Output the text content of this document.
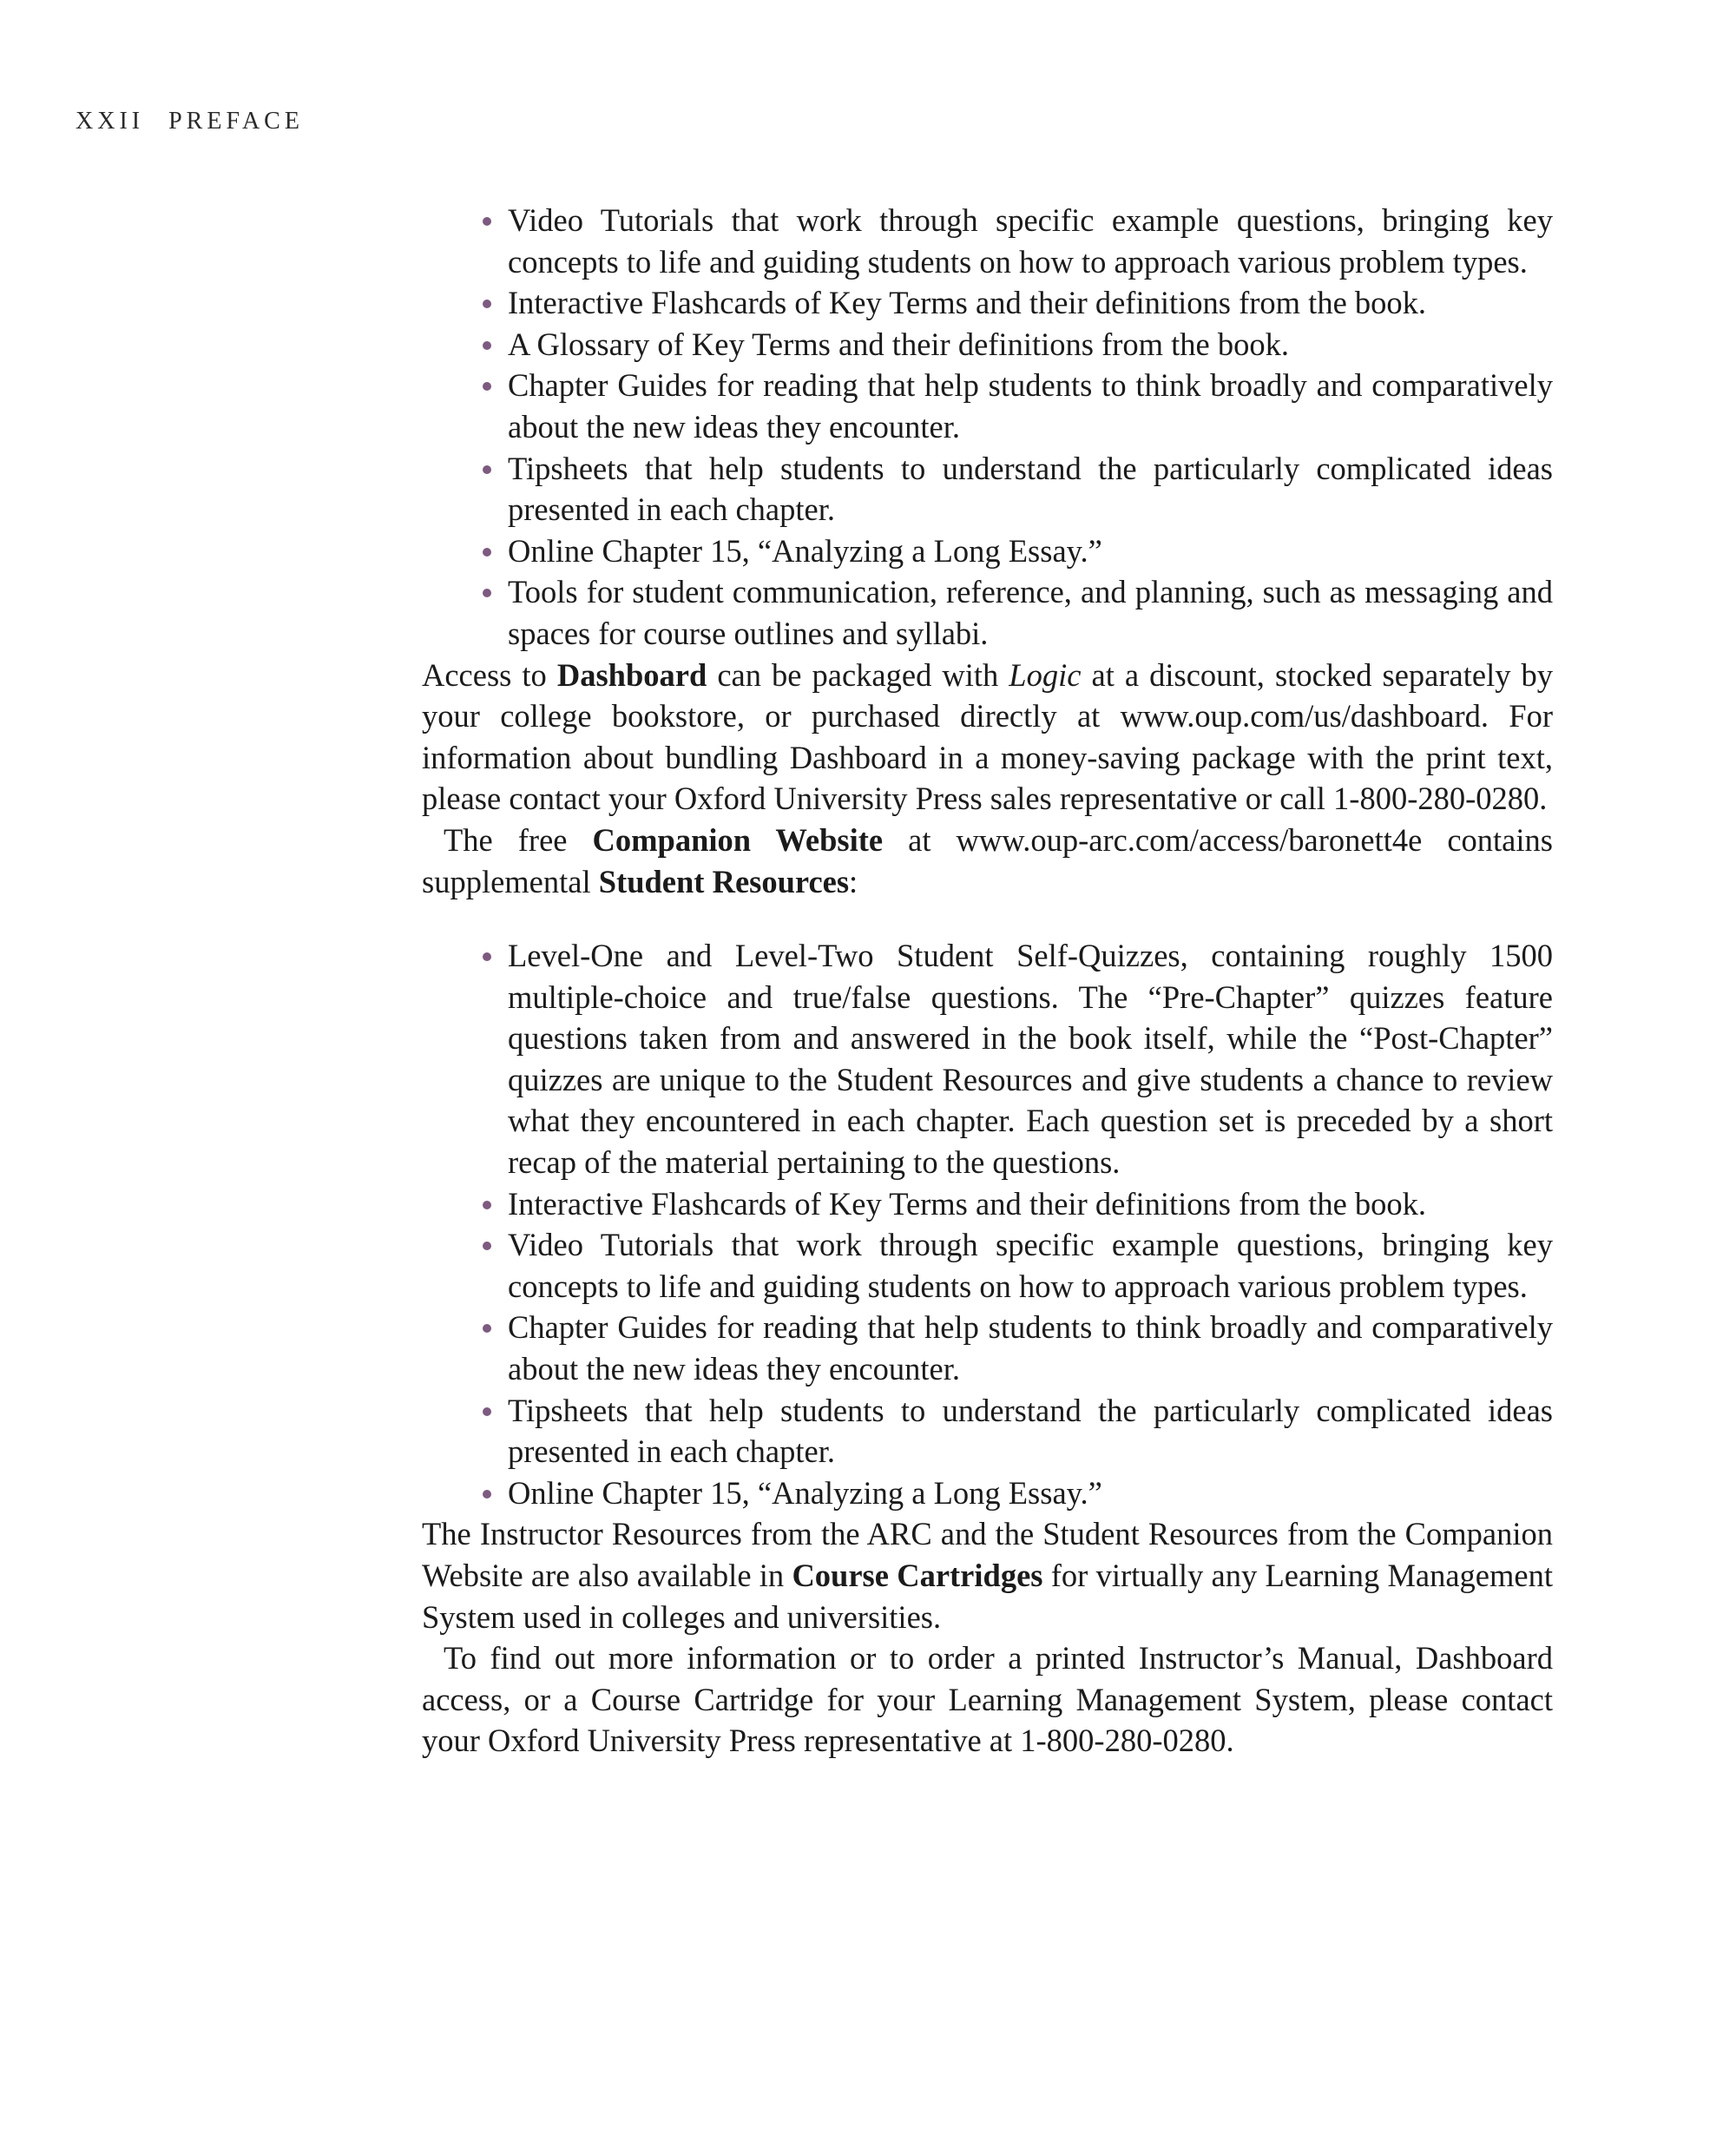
XXII PREFACE
Video Tutorials that work through specific example questions, bringing key concepts to life and guiding students on how to approach various problem types.
Interactive Flashcards of Key Terms and their definitions from the book.
A Glossary of Key Terms and their definitions from the book.
Chapter Guides for reading that help students to think broadly and comparatively about the new ideas they encounter.
Tipsheets that help students to understand the particularly complicated ideas presented in each chapter.
Online Chapter 15, “Analyzing a Long Essay.”
Tools for student communication, reference, and planning, such as messaging and spaces for course outlines and syllabi.

Access to Dashboard can be packaged with Logic at a discount, stocked separately by your college bookstore, or purchased directly at www.oup.com/us/dashboard. For information about bundling Dashboard in a money-saving package with the print text, please contact your Oxford University Press sales representative or call 1-800-280-0280.

The free Companion Website at www.oup-arc.com/access/baronett4e contains supplemental Student Resources:

Level-One and Level-Two Student Self-Quizzes, containing roughly 1500 multiple-choice and true/false questions. The “Pre-Chapter” quizzes feature questions taken from and answered in the book itself, while the “Post-Chapter” quizzes are unique to the Student Resources and give students a chance to review what they encountered in each chapter. Each question set is preceded by a short recap of the material pertaining to the questions.
Interactive Flashcards of Key Terms and their definitions from the book.
Video Tutorials that work through specific example questions, bringing key concepts to life and guiding students on how to approach various problem types.
Chapter Guides for reading that help students to think broadly and comparatively about the new ideas they encounter.
Tipsheets that help students to understand the particularly complicated ideas presented in each chapter.
Online Chapter 15, “Analyzing a Long Essay.”

The Instructor Resources from the ARC and the Student Resources from the Companion Website are also available in Course Cartridges for virtually any Learning Management System used in colleges and universities.

To find out more information or to order a printed Instructor’s Manual, Dashboard access, or a Course Cartridge for your Learning Management System, please contact your Oxford University Press representative at 1-800-280-0280.
